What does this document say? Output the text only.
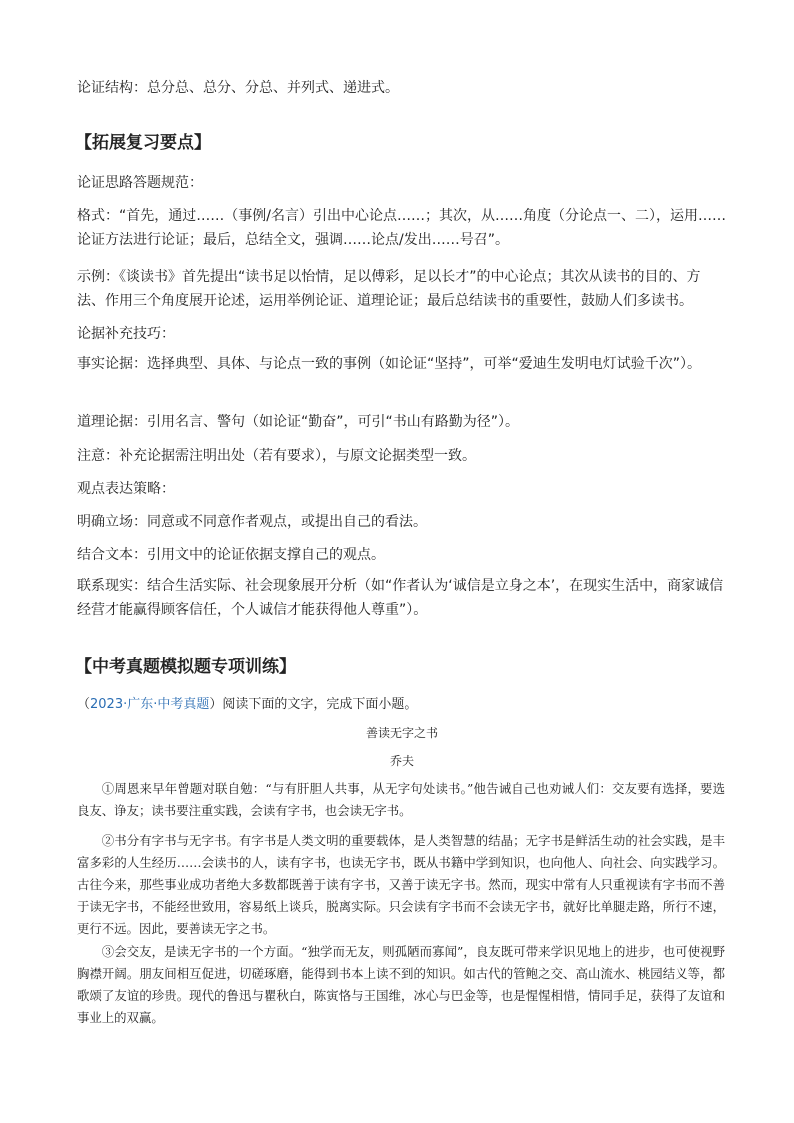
论证结构：总分总、总分、分总、并列式、递进式。
【拓展复习要点】
论证思路答题规范：
格式：“首先，通过……（事例/名言）引出中心论点……；其次，从……角度（分论点一、二），运用……论证方法进行论证；最后，总结全文，强调……论点/发出……号召”。
示例：《谈读书》首先提出“读书足以怡情，足以傅彩，足以长才”的中心论点；其次从读书的目的、方法、作用三个角度展开论述，运用举例论证、道理论证；最后总结读书的重要性，鼓励人们多读书。
论据补充技巧：
事实论据：选择典型、具体、与论点一致的事例（如论证“坚持”，可举“爱迪生发明电灯试验千次”）。
道理论据：引用名言、警句（如论证“勤奋”，可引“书山有路勤为径”）。
注意：补充论据需注明出处（若有要求），与原文论据类型一致。
观点表达策略：
明确立场：同意或不同意作者观点，或提出自己的看法。
结合文本：引用文中的论证依据支撑自己的观点。
联系现实：结合生活实际、社会现象展开分析（如“作者认为‘诚信是立身之本’，在现实生活中，商家诚信经营才能赢得顾客信任，个人诚信才能获得他人尊重”）。
【中考真题模拟题专项训练】
（2023·广东·中考真题）阅读下面的文字，完成下面小题。
善读无字之书
乔夫
①周恩来早年曾题对联自勉：“与有肝胆人共事，从无字句处读书。”他告诫自己也劝诫人们：交友要有选择，要选良友、诤友；读书要注重实践，会读有字书，也会读无字书。
②书分有字书与无字书。有字书是人类文明的重要载体，是人类智慧的结晶；无字书是鲜活生动的社会实践，是丰富多彩的人生经历……会读书的人，读有字书，也读无字书，既从书籍中学到知识，也向他人、向社会、向实践学习。古往今来，那些事业成功者绝大多数都既善于读有字书，又善于读无字书。然而，现实中常有人只重视读有字书而不善于读无字书，不能经世致用，容易纸上谈兵，脱离实际。只会读有字书而不会读无字书，就好比单腿走路，所行不速，更行不远。因此，要善读无字之书。
③会交友，是读无字书的一个方面。“独学而无友，则孤陋而寡闻”，良友既可带来学识见地上的进步，也可使视野胸襟开阔。朋友间相互促进，切磋琢磨，能得到书本上读不到的知识。如古代的管鲍之交、高山流水、桃园结义等，都歌颂了友谊的珍贵。现代的鲁迅与瞿秋白，陈寅恪与王国维，冰心与巴金等，也是惺惺相惜，情同手足，获得了友谊和事业上的双赢。
